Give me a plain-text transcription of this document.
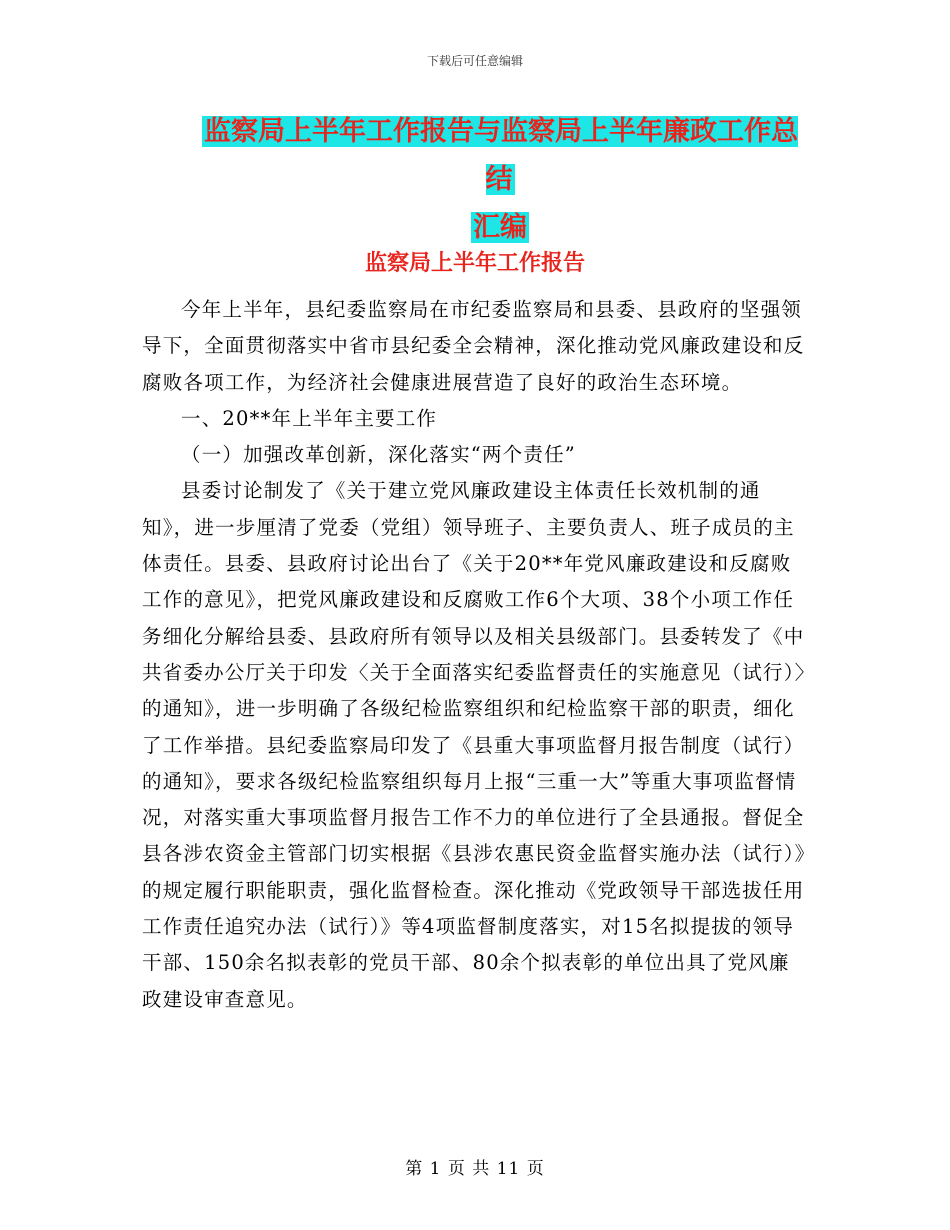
下载后可任意编辑
监察局上半年工作报告与监察局上半年廉政工作总结
汇编
监察局上半年工作报告

今年上半年，县纪委监察局在市纪委监察局和县委、县政府的坚强领导下，全面贯彻落实中省市县纪委全会精神，深化推动党风廉政建设和反腐败各项工作，为经济社会健康进展营造了良好的政治生态环境。

一、20**年上半年主要工作

（一）加强改革创新，深化落实“两个责任”

县委讨论制发了《关于建立党风廉政建设主体责任长效机制的通知》，进一步厘清了党委（党组）领导班子、主要负责人、班子成员的主体责任。县委、县政府讨论出台了《关于20**年党风廉政建设和反腐败工作的意见》，把党风廉政建设和反腐败工作6个大项、38个小项工作任务细化分解给县委、县政府所有领导以及相关县级部门。县委转发了《中共省委办公厅关于印发〈关于全面落实纪委监督责任的实施意见（试行）〉的通知》，进一步明确了各级纪检监察组织和纪检监察干部的职责，细化了工作举措。县纪委监察局印发了《县重大事项监督月报告制度（试行）的通知》，要求各级纪检监察组织每月上报“三重一大”等重大事项监督情况，对落实重大事项监督月报告工作不力的单位进行了全县通报。督促全县各涉农资金主管部门切实根据《县涉农惠民资金监督实施办法（试行）》的规定履行职能职责，强化监督检查。深化推动《党政领导干部选拔任用工作责任追究办法（试行）》等4项监督制度落实，对15名拟提拔的领导干部、150余名拟表彰的党员干部、80余个拟表彰的单位出具了党风廉政建设审查意见。

第 1 页 共 11 页
